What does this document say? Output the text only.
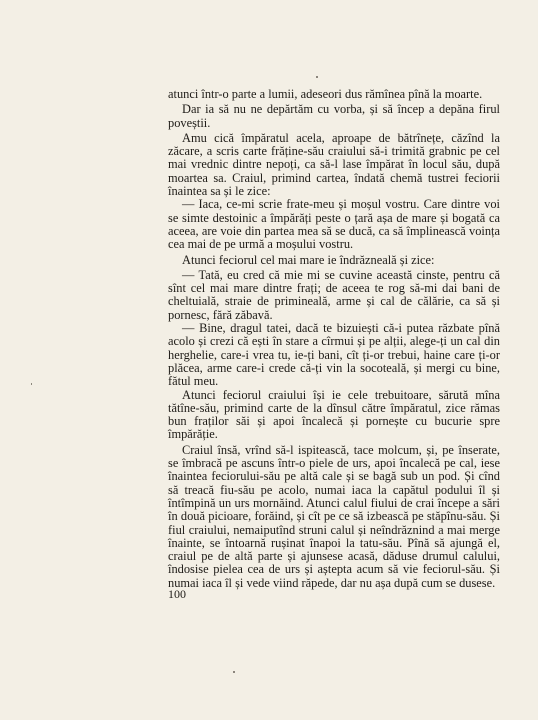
atunci într-o parte a lumii, adeseori dus rămînea pînă la moarte.

Dar ia să nu ne depărtăm cu vorba, și să încep a depăna firul poveștii.

Amu cică împăratul acela, aproape de bătrînețe, căzînd la zăcare, a scris carte frăține-său craiului să-i trimită grabnic pe cel mai vrednic dintre nepoți, ca să-l lase împărat în locul său, după moartea sa. Craiul, primind cartea, îndată chemă tustrei feciorii înaintea sa și le zice:

— Iaca, ce-mi scrie frate-meu și moșul vostru. Care dintre voi se simte destoinic a împărăți peste o țară așa de mare și bogată ca aceea, are voie din partea mea să se ducă, ca să împlinească voința cea mai de pe urmă a moșului vostru.

Atunci feciorul cel mai mare ie îndrăzneală și zice:

— Tată, eu cred că mie mi se cuvine această cinste, pentru că sînt cel mai mare dintre frați; de aceea te rog să-mi dai bani de cheltuială, straie de primineală, arme și cal de călărie, ca să și pornesc, fără zăbavă.

— Bine, dragul tatei, dacă te bizuiești că-i putea răzbate pînă acolo și crezi că ești în stare a cîrmui și pe alții, alege-ți un cal din herghelie, care-i vrea tu, ie-ți bani, cît ți-or trebui, haine care ți-or plăcea, arme care-i crede că-ți vin la socoteală, și mergi cu bine, fătul meu.

Atunci feciorul craiului își ie cele trebuitoare, sărută mîna tătîne-său, primind carte de la dînsul către împăratul, zice rămas bun fraților săi și apoi încalecă și pornește cu bucurie spre împărăție.

Craiul însă, vrînd să-l ispitească, tace molcum, și, pe înserate, se îmbracă pe ascuns într-o piele de urs, apoi încalecă pe cal, iese înaintea feciorului-său pe altă cale și se bagă sub un pod. Și cînd să treacă fiu-său pe acolo, numai iaca la capătul podului îl și întîmpină un urs mornăind. Atunci calul fiului de crai începe a sări în două picioare, forăind, și cît pe ce să izbească pe stăpînu-său. Și fiul craiului, nemaiputînd struni calul și neîndrăznind a mai merge înainte, se întoarnă rușinat înapoi la tatu-său. Pînă să ajungă el, craiul pe de altă parte și ajunsese acasă, dăduse drumul calului, îndosise pielea cea de urs și aștepta acum să vie feciorul-său. Și numai iaca îl și vede viind răpede, dar nu așa după cum se dusese.

100
